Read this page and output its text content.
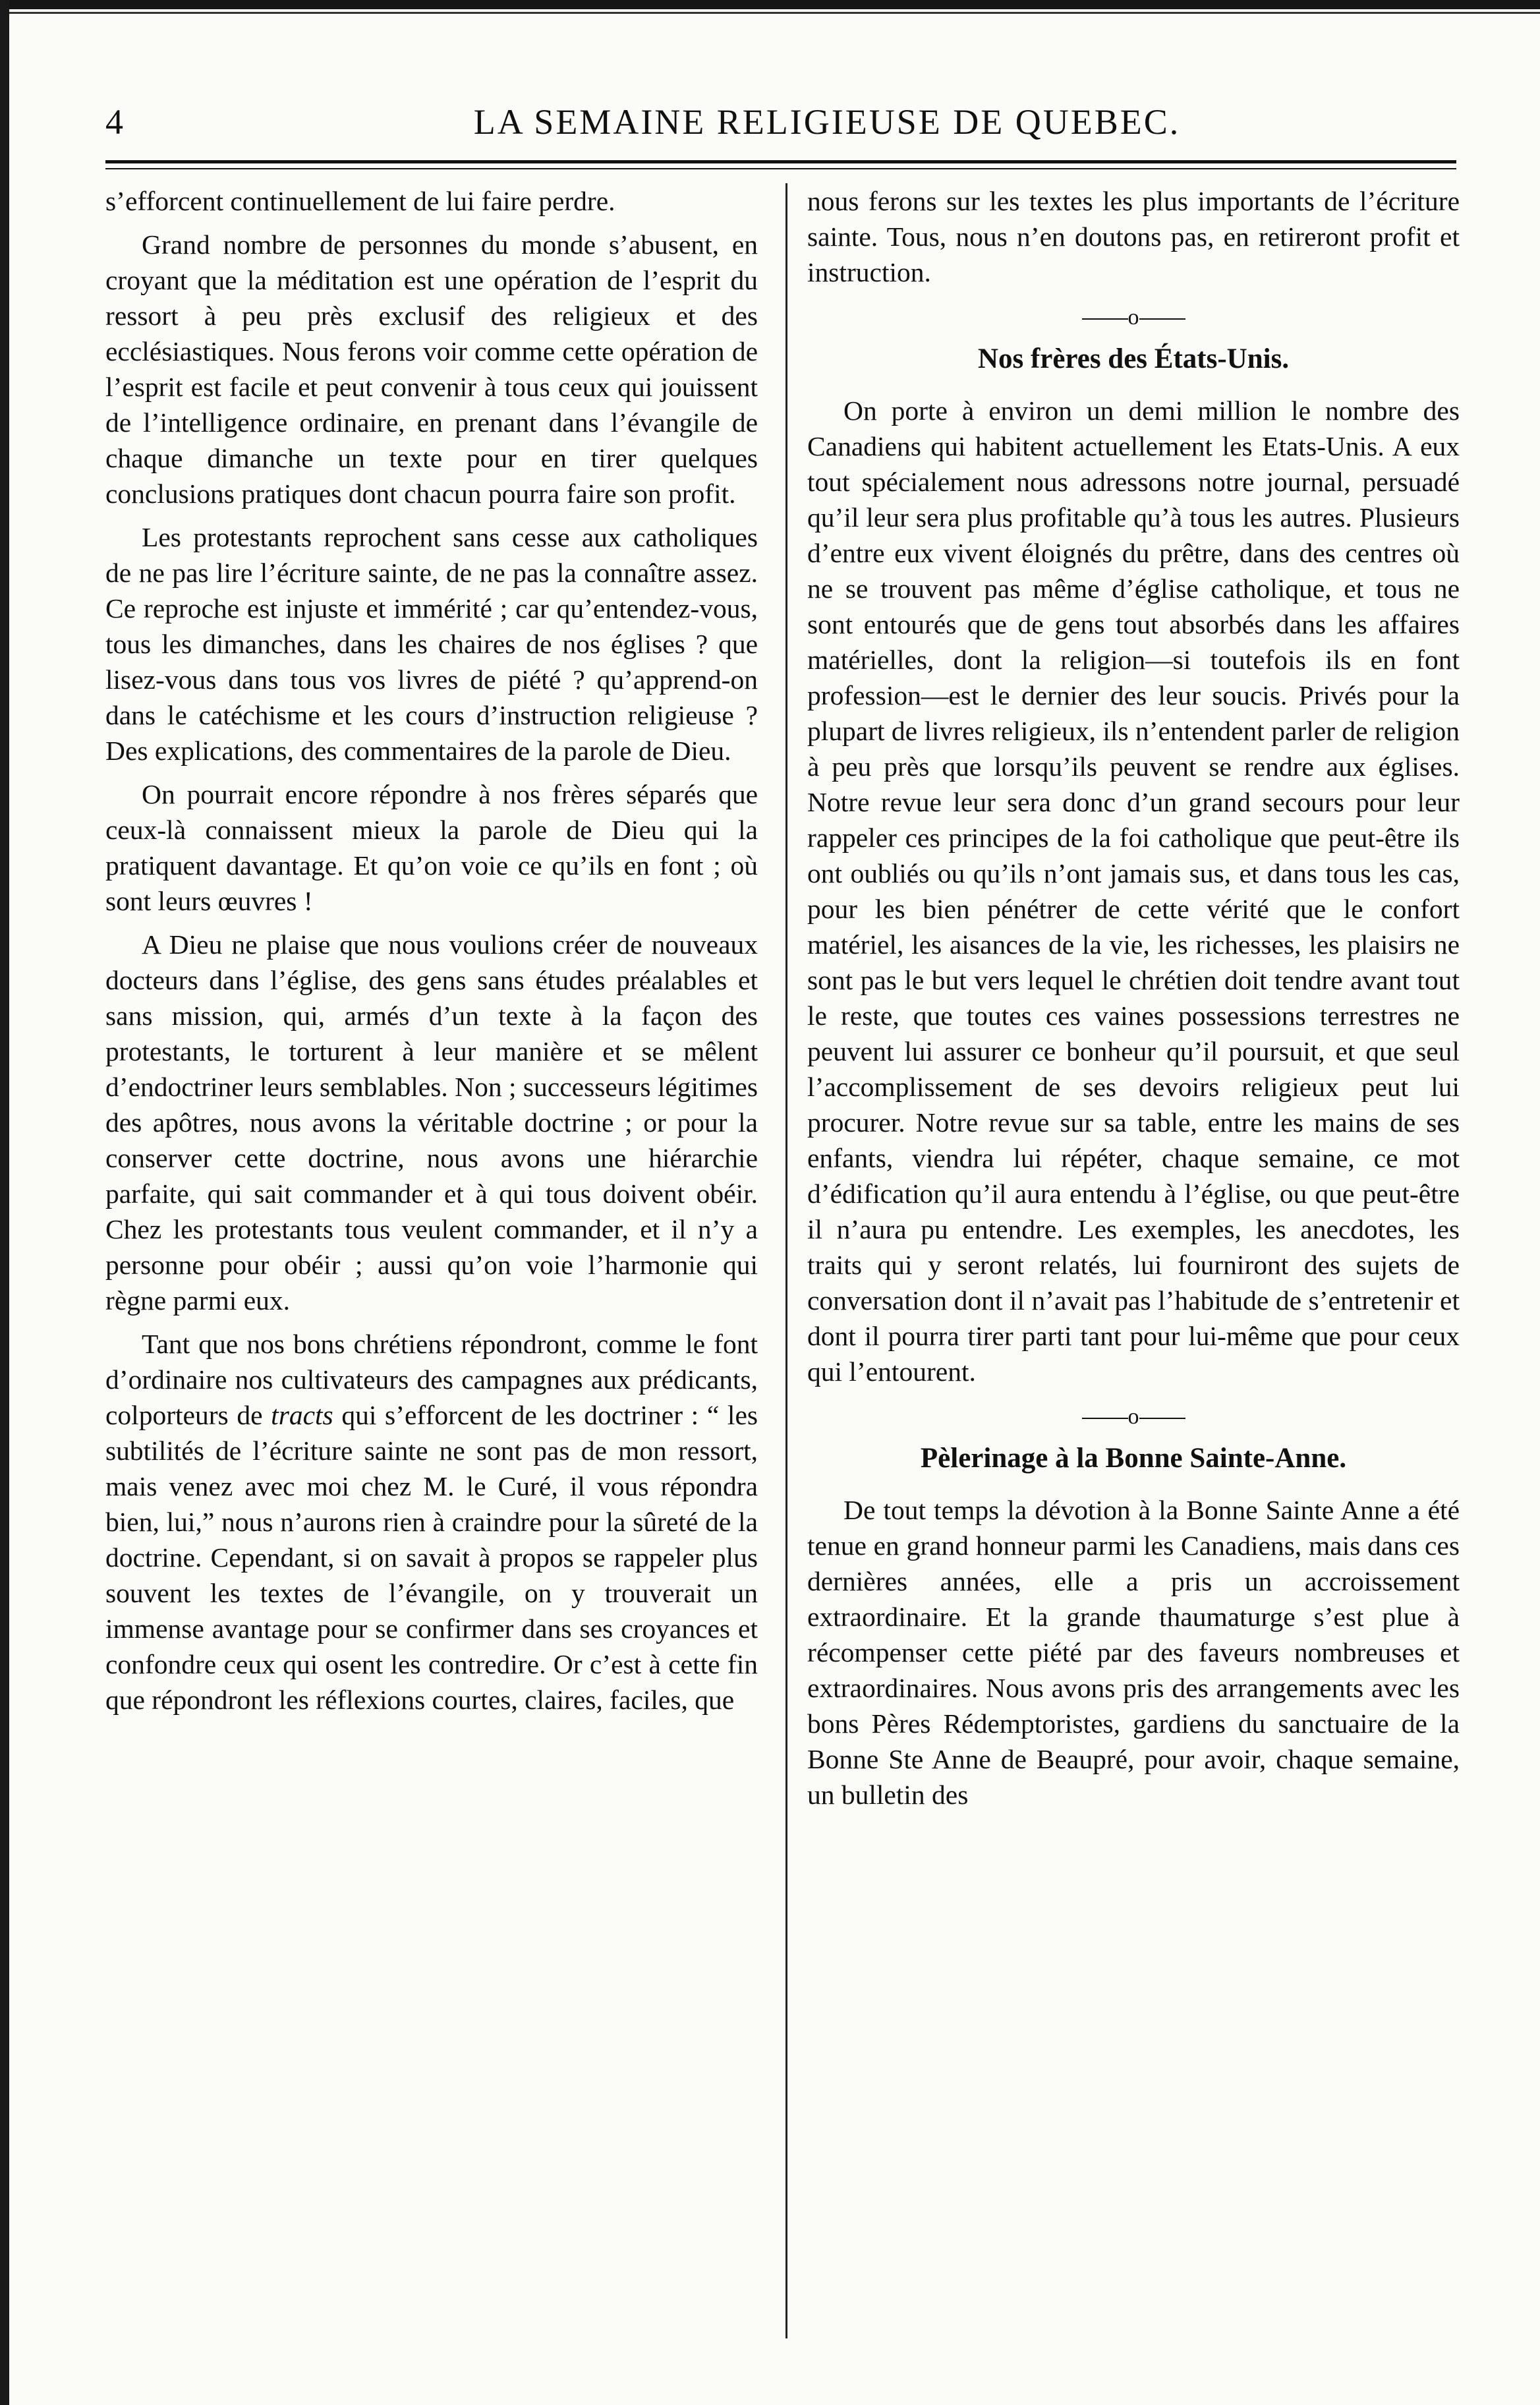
4	LA SEMAINE RELIGIEUSE DE QUEBEC.

s’efforcent continuellement de lui faire perdre.

Grand nombre de personnes du monde s’abusent, en croyant que la méditation est une opération de l’esprit du ressort à peu près exclusif des religieux et des ecclésiastiques. Nous ferons voir comme cette opération de l’esprit est facile et peut convenir à tous ceux qui jouissent de l’intelligence ordinaire, en prenant dans l’évangile de chaque dimanche un texte pour en tirer quelques conclusions pratiques dont chacun pourra faire son profit.

Les protestants reprochent sans cesse aux catholiques de ne pas lire l’écriture sainte, de ne pas la connaître assez. Ce reproche est injuste et immérité ; car qu’entendez-vous, tous les dimanches, dans les chaires de nos églises ? que lisez-vous dans tous vos livres de piété ? qu’apprend-on dans le catéchisme et les cours d’instruction religieuse ? Des explications, des commentaires de la parole de Dieu.

On pourrait encore répondre à nos frères séparés que ceux-là connaissent mieux la parole de Dieu qui la pratiquent davantage. Et qu’on voie ce qu’ils en font ; où sont leurs œuvres !

A Dieu ne plaise que nous voulions créer de nouveaux docteurs dans l’église, des gens sans études préalables et sans mission, qui, armés d’un texte à la façon des protestants, le torturent à leur manière et se mêlent d’endoctriner leurs semblables. Non ; successeurs légitimes des apôtres, nous avons la véritable doctrine ; or pour la conserver cette doctrine, nous avons une hiérarchie parfaite, qui sait commander et à qui tous doivent obéir. Chez les protestants tous veulent commander, et il n’y a personne pour obéir ; aussi qu’on voie l’harmonie qui règne parmi eux.

Tant que nos bons chrétiens répondront, comme le font d’ordinaire nos cultivateurs des campagnes aux prédicants, colporteurs de tracts qui s’efforcent de les doctriner : “ les subtilités de l’écriture sainte ne sont pas de mon ressort, mais venez avec moi chez M. le Curé, il vous répondra bien, lui,” nous n’aurons rien à craindre pour la sûreté de la doctrine. Cependant, si on savait à propos se rappeler plus souvent les textes de l’évangile, on y trouverait un immense avantage pour se confirmer dans ses croyances et confondre ceux qui osent les contredire. Or c’est à cette fin que répondront les réflexions courtes, claires, faciles, que

nous ferons sur les textes les plus importants de l’écriture sainte. Tous, nous n’en doutons pas, en retireront profit et instruction.

o
Nos frères des États-Unis.

On porte à environ un demi million le nombre des Canadiens qui habitent actuellement les Etats-Unis. A eux tout spécialement nous adressons notre journal, persuadé qu’il leur sera plus profitable qu’à tous les autres. Plusieurs d’entre eux vivent éloignés du prêtre, dans des centres où ne se trouvent pas même d’église catholique, et tous ne sont entourés que de gens tout absorbés dans les affaires matérielles, dont la religion—si toutefois ils en font profession—est le dernier des leur soucis. Privés pour la plupart de livres religieux, ils n’entendent parler de religion à peu près que lorsqu’ils peuvent se rendre aux églises. Notre revue leur sera donc d’un grand secours pour leur rappeler ces principes de la foi catholique que peut-être ils ont oubliés ou qu’ils n’ont jamais sus, et dans tous les cas, pour les bien pénétrer de cette vérité que le confort matériel, les aisances de la vie, les richesses, les plaisirs ne sont pas le but vers lequel le chrétien doit tendre avant tout le reste, que toutes ces vaines possessions terrestres ne peuvent lui assurer ce bonheur qu’il poursuit, et que seul l’accomplissement de ses devoirs religieux peut lui procurer. Notre revue sur sa table, entre les mains de ses enfants, viendra lui répéter, chaque semaine, ce mot d’édification qu’il aura entendu à l’église, ou que peut-être il n’aura pu entendre. Les exemples, les anecdotes, les traits qui y seront relatés, lui fourniront des sujets de conversation dont il n’avait pas l’habitude de s’entretenir et dont il pourra tirer parti tant pour lui-même que pour ceux qui l’entourent.

o
Pèlerinage à la Bonne Sainte-Anne.

De tout temps la dévotion à la Bonne Sainte Anne a été tenue en grand honneur parmi les Canadiens, mais dans ces dernières années, elle a pris un accroissement extraordinaire. Et la grande thaumaturge s’est plue à récompenser cette piété par des faveurs nombreuses et extraordinaires. Nous avons pris des arrangements avec les bons Pères Rédemptoristes, gardiens du sanctuaire de la Bonne Ste Anne de Beaupré, pour avoir, chaque semaine, un bulletin des
